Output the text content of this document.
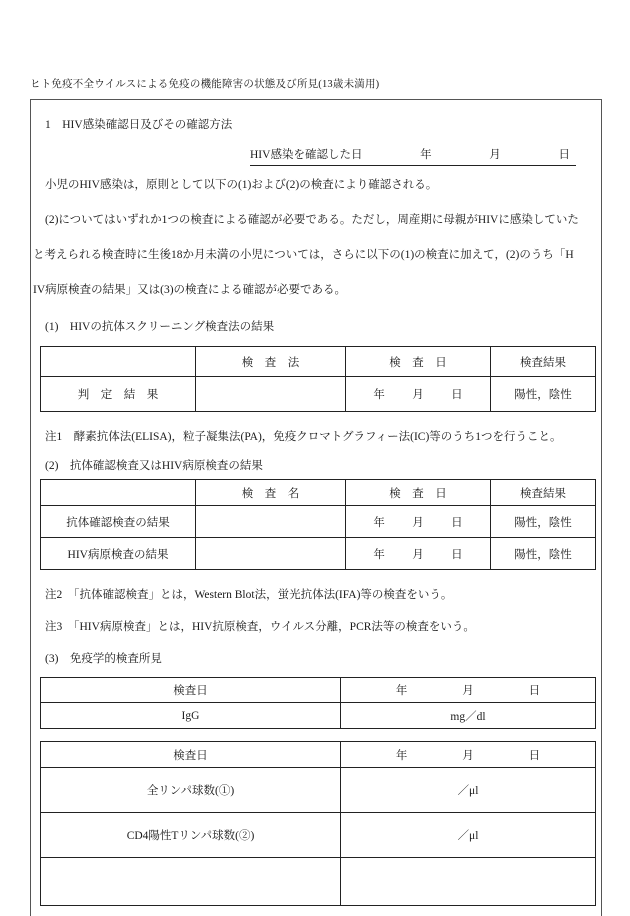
ヒト免疫不全ウイルスによる免疫の機能障害の状態及び所見(13歳未満用)
1　HIV感染確認日及びその確認方法
HIV感染を確認した日	年	月	日
小児のHIV感染は，原則として以下の(1)および(2)の検査により確認される。
(2)についてはいずれか1つの検査による確認が必要である。ただし，周産期に母親がHIVに感染していた
と考えられる検査時に生後18か月未満の小児については，さらに以下の(1)の検査に加えて，(2)のうち「H
IV病原検査の結果」又は(3)の検査による確認が必要である。
(1)　HIVの抗体スクリーニング検査法の結果
	検　査　法	検　査　日	検査結果
判　定　結　果		年 月 日	陽性，陰性
注1　酵素抗体法(ELISA)，粒子凝集法(PA)，免疫クロマトグラフィー法(IC)等のうち1つを行うこと。
(2)　抗体確認検査又はHIV病原検査の結果
	検　査　名	検　査　日	検査結果
抗体確認検査の結果		年 月 日	陽性，陰性
HIV病原検査の結果		年 月 日	陽性，陰性
注2　「抗体確認検査」とは，Western Blot法，蛍光抗体法(IFA)等の検査をいう。
注3　「HIV病原検査」とは，HIV抗原検査，ウイルス分離，PCR法等の検査をいう。
(3)　免疫学的検査所見
検査日	年 月 日

IgG	mg／dl
検査日	年 月 日

全リンパ球数(①)	／μl
CD4陽性Tリンパ球数(②)	／μl
